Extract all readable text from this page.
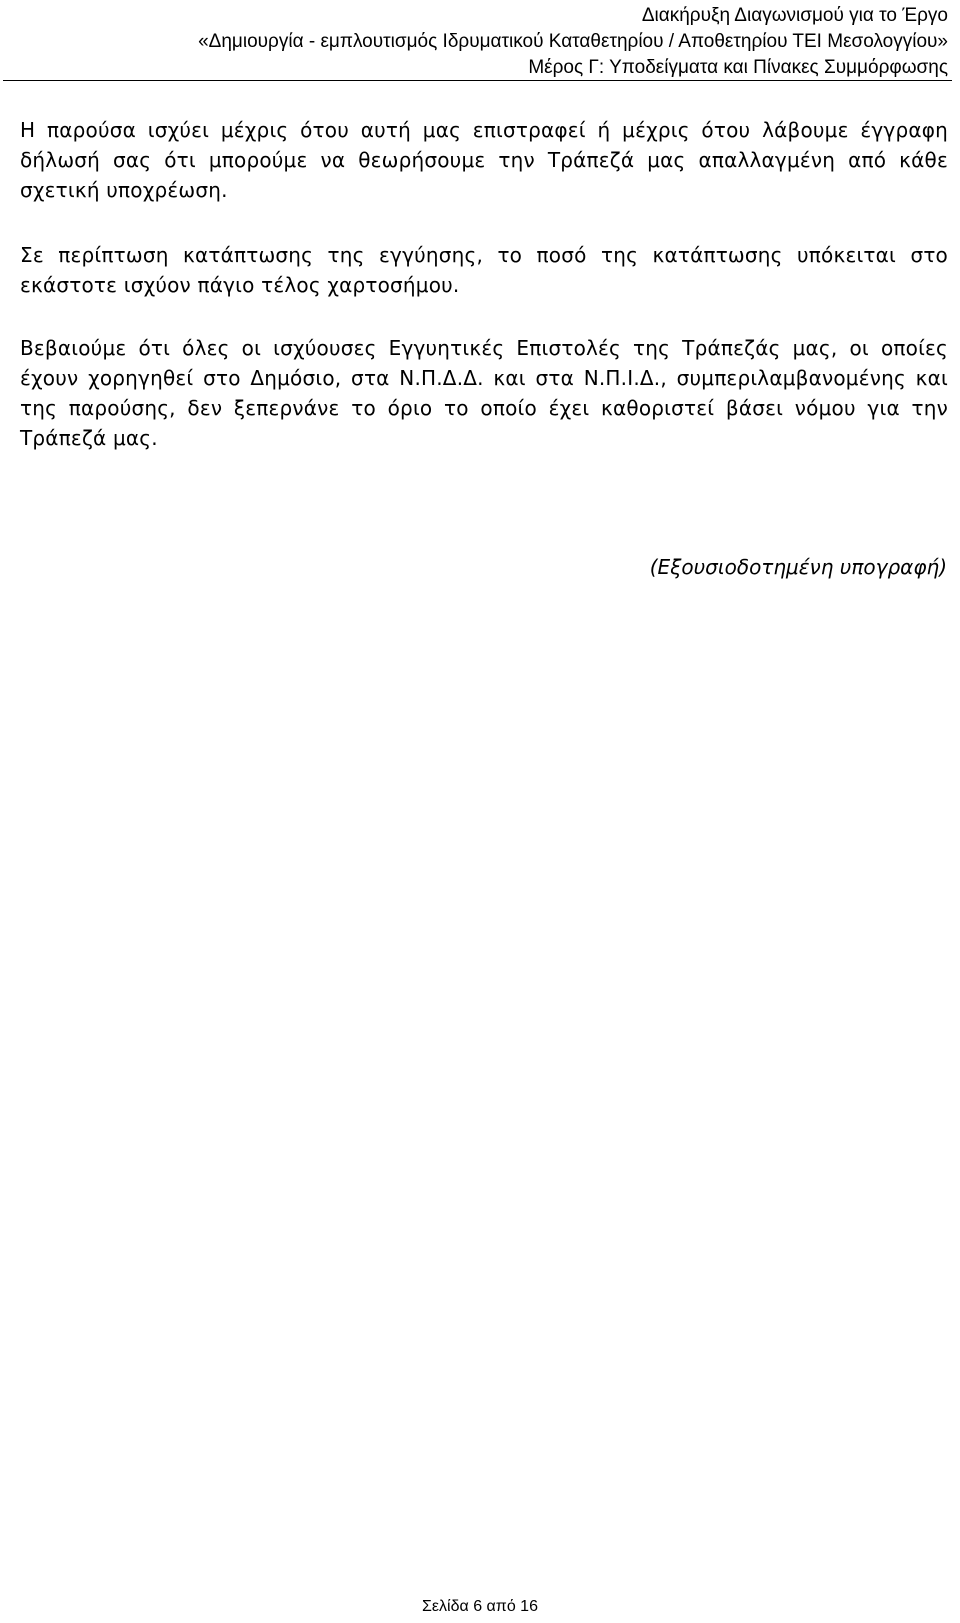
Διακήρυξη Διαγωνισμού για το Έργο

«Δημιουργία - εμπλουτισμός Ιδρυματικού Καταθετηρίου / Αποθετηρίου ΤΕΙ Μεσολογγίου»

Μέρος Γ: Υποδείγματα και Πίνακες Συμμόρφωσης

Η παρούσα ισχύει μέχρις ότου αυτή μας επιστραφεί ή μέχρις ότου λάβουμε έγγραφη δήλωσή σας ότι μπορούμε να θεωρήσουμε την Τράπεζά μας απαλλαγμένη από κάθε σχετική υποχρέωση.

Σε περίπτωση κατάπτωσης της εγγύησης, το ποσό της κατάπτωσης υπόκειται στο εκάστοτε ισχύον πάγιο τέλος χαρτοσήμου.

Βεβαιούμε ότι όλες οι ισχύουσες Εγγυητικές Επιστολές της Τράπεζάς μας, οι οποίες έχουν χορηγηθεί στο Δημόσιο, στα Ν.Π.Δ.Δ. και στα Ν.Π.Ι.Δ., συμπεριλαμβανομένης και της παρούσης, δεν ξεπερνάνε το όριο το οποίο έχει καθοριστεί βάσει νόμου για την Τράπεζά μας.

(Εξουσιοδοτημένη υπογραφή)

Σελίδα 6 από 16
